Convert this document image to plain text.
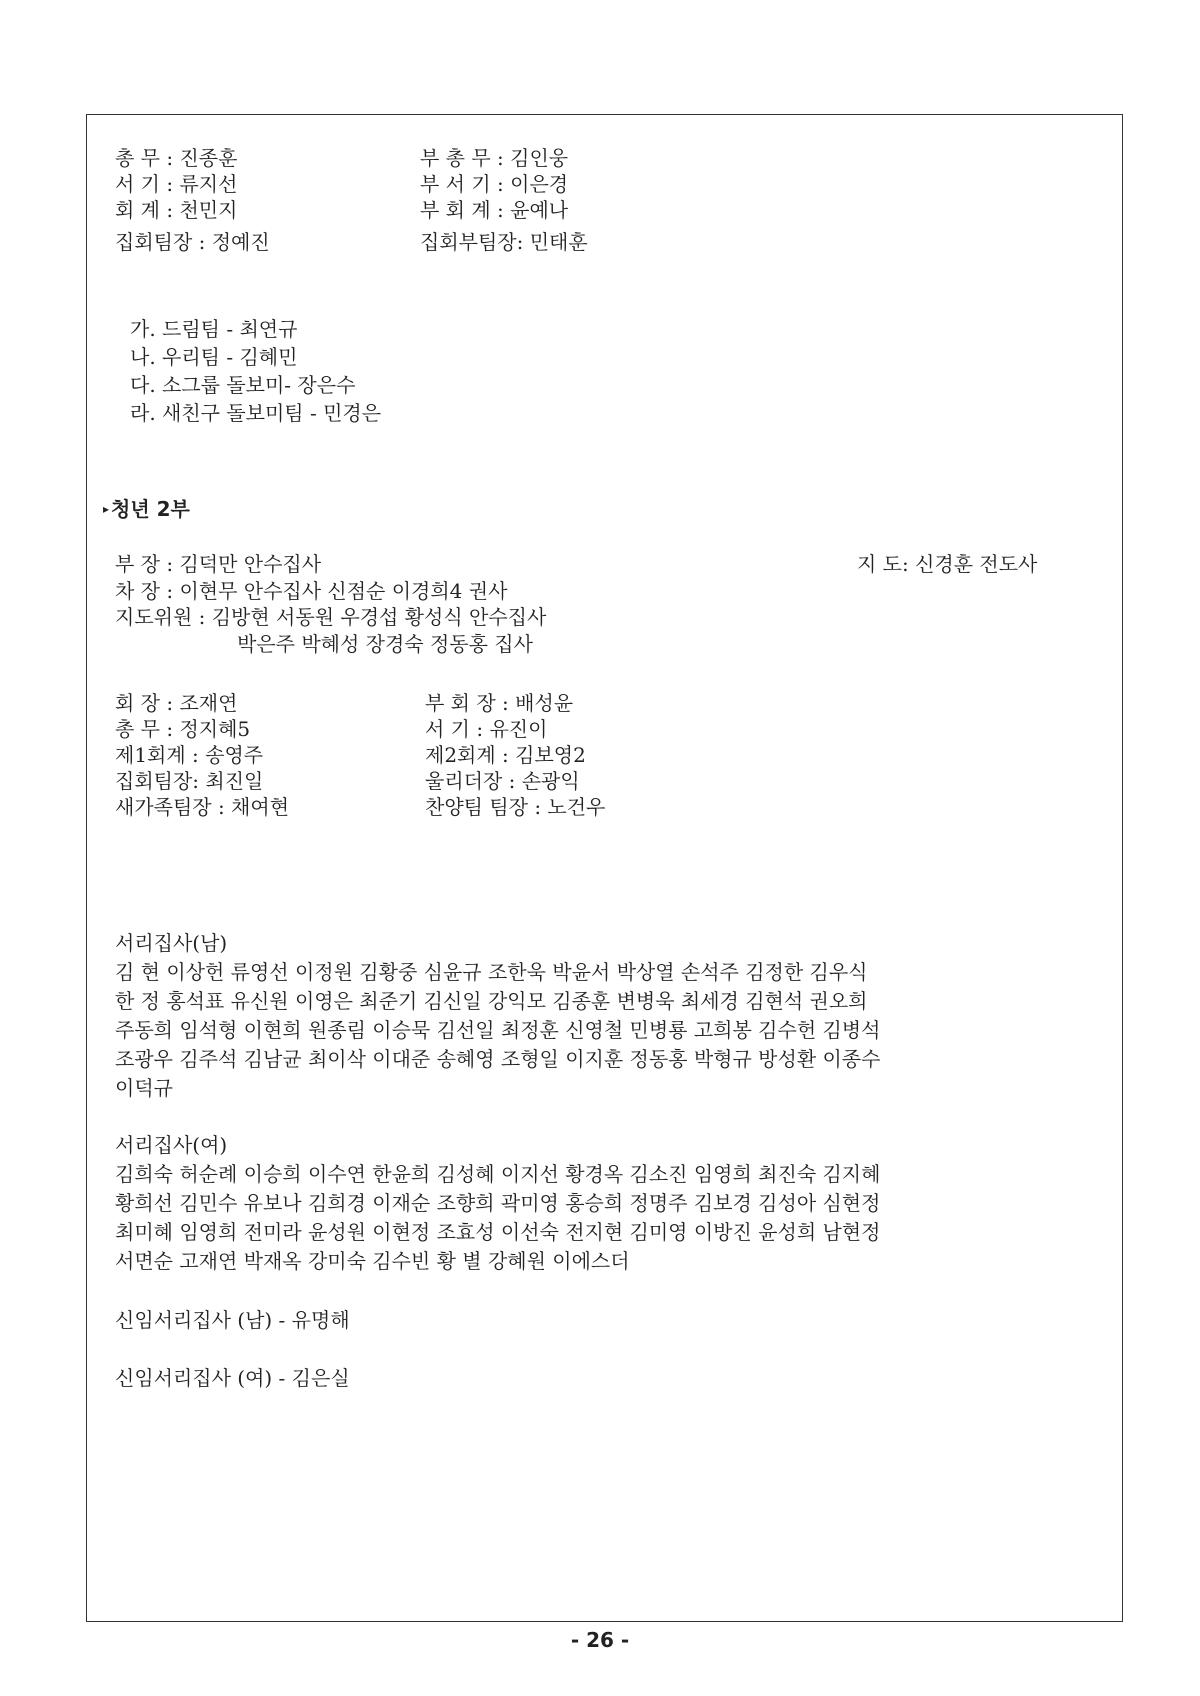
총 무 : 진종훈	부 총 무 : 김인웅
서 기 : 류지선	부 서 기 : 이은경
회 계 : 천민지	부 회 계 : 윤예나
집회팀장 : 정예진	집회부팀장: 민태훈
가. 드림팀 - 최연규
나. 우리팀 - 김혜민
다. 소그룹 돌보미- 장은수
라. 새친구 돌보미팀 - 민경은
▸ 청년 2부
부 장 : 김덕만 안수집사	지 도: 신경훈 전도사
차 장 : 이현무 안수집사 신점순 이경희4 권사
지도위원 : 김방현 서동원 우경섭 황성식 안수집사
박은주 박혜성 장경숙 정동홍 집사
회 장 : 조재연	부 회 장 : 배성윤
총 무 : 정지혜5	서 기 : 유진이
제1회계 : 송영주	제2회계 : 김보영2
집회팀장: 최진일	울리더장 : 손광익
새가족팀장 : 채여현	찬양팀 팀장 : 노건우
서리집사(남)
김 현 이상헌 류영선 이정원 김황중 심윤규 조한욱 박윤서 박상열 손석주 김정한 김우식
한 정 홍석표 유신원 이영은 최준기 김신일 강익모 김종훈 변병욱 최세경 김현석 권오희
주동희 임석형 이현희 원종림 이승묵 김선일 최정훈 신영철 민병룡 고희봉 김수헌 김병석
조광우 김주석 김남균 최이삭 이대준 송혜영 조형일 이지훈 정동홍 박형규 방성환 이종수
이덕규
서리집사(여)
김희숙 허순례 이승희 이수연 한윤희 김성혜 이지선 황경옥 김소진 임영희 최진숙 김지혜
황희선 김민수 유보나 김희경 이재순 조향희 곽미영 홍승희 정명주 김보경 김성아 심현정
최미혜 임영희 전미라 윤성원 이현정 조효성 이선숙 전지현 김미영 이방진 윤성희 남현정
서면순 고재연 박재옥 강미숙 김수빈 황 별 강혜원 이에스더
신임서리집사 (남) - 유명해
신임서리집사 (여) - 김은실
- 26 -
